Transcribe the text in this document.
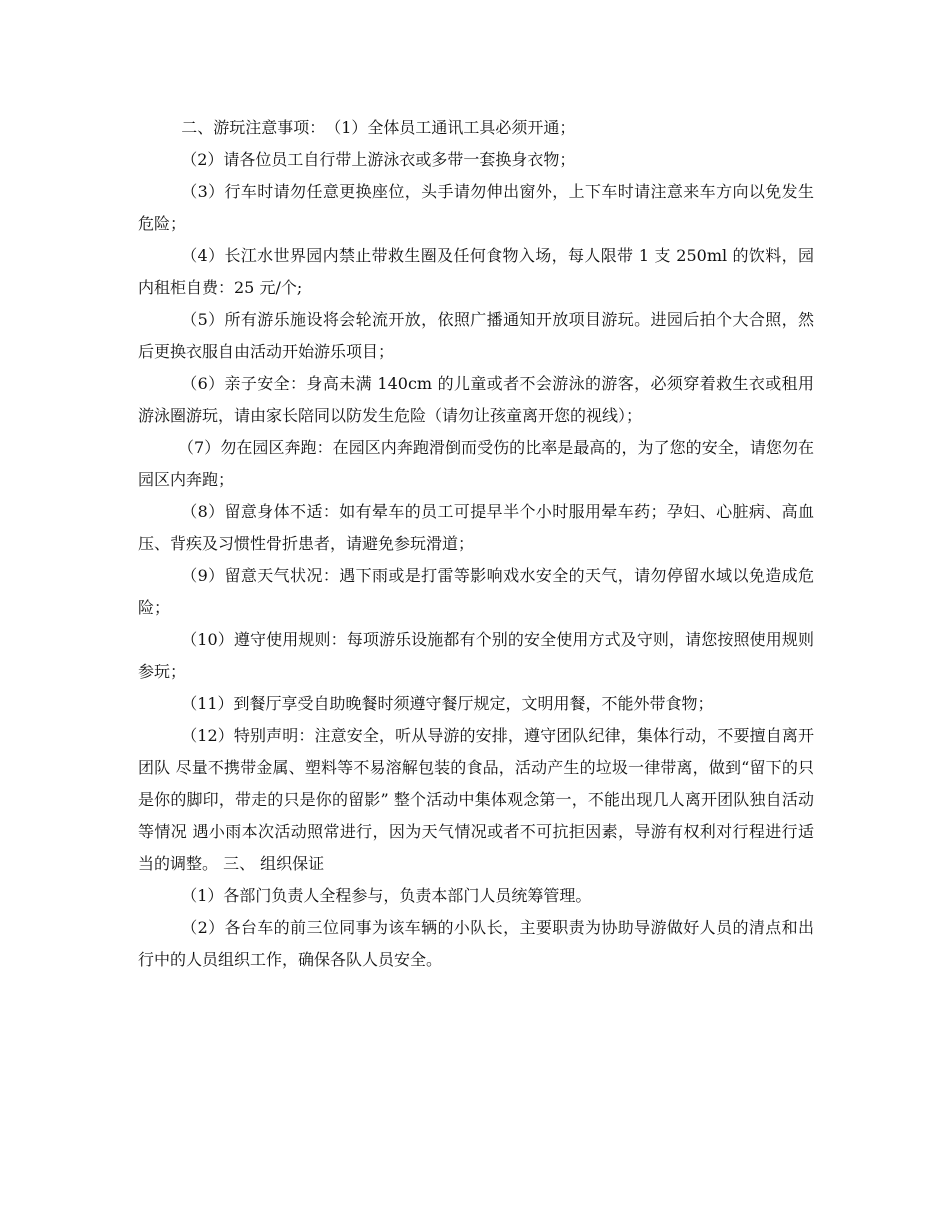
二、游玩注意事项：　（1）全体员工通讯工具必须开通；

（2）请各位员工自行带上游泳衣或多带一套换身衣物；

（3）行车时请勿任意更换座位，头手请勿伸出窗外，上下车时请注意来车方向以免发生危险；

（4）长江水世界园内禁止带救生圈及任何食物入场，每人限带 1 支 250ml 的饮料，园内租柜自费：25 元/个;

（5）所有游乐施设将会轮流开放，依照广播通知开放项目游玩。进园后拍个大合照，然后更换衣服自由活动开始游乐项目；

（6）亲子安全：身高未满 140cm 的儿童或者不会游泳的游客，必须穿着救生衣或租用游泳圈游玩，请由家长陪同以防发生危险（请勿让孩童离开您的视线）；

（7）勿在园区奔跑：在园区内奔跑滑倒而受伤的比率是最高的，为了您的安全，请您勿在园区内奔跑；

（8）留意身体不适：如有晕车的员工可提早半个小时服用晕车药；孕妇、心脏病、高血压、背疾及习惯性骨折患者，请避免参玩滑道；

（9）留意天气状况：遇下雨或是打雷等影响戏水安全的天气，请勿停留水域以免造成危险；

（10）遵守使用规则：每项游乐设施都有个别的安全使用方式及守则，请您按照使用规则参玩；

（11）到餐厅享受自助晚餐时须遵守餐厅规定，文明用餐，不能外带食物；

（12）特别声明：注意安全，听从导游的安排，遵守团队纪律，集体行动，不要擅自离开团队 尽量不携带金属、塑料等不易溶解包装的食品，活动产生的垃圾一律带离，做到“留下的只是你的脚印，带走的只是你的留影” 整个活动中集体观念第一，不能出现几人离开团队独自活动等情况 遇小雨本次活动照常进行，因为天气情况或者不可抗拒因素，导游有权利对行程进行适当的调整。 三、 组织保证

（1）各部门负责人全程参与，负责本部门人员统筹管理。

（2）各台车的前三位同事为该车辆的小队长，主要职责为协助导游做好人员的清点和出行中的人员组织工作，确保各队人员安全。
